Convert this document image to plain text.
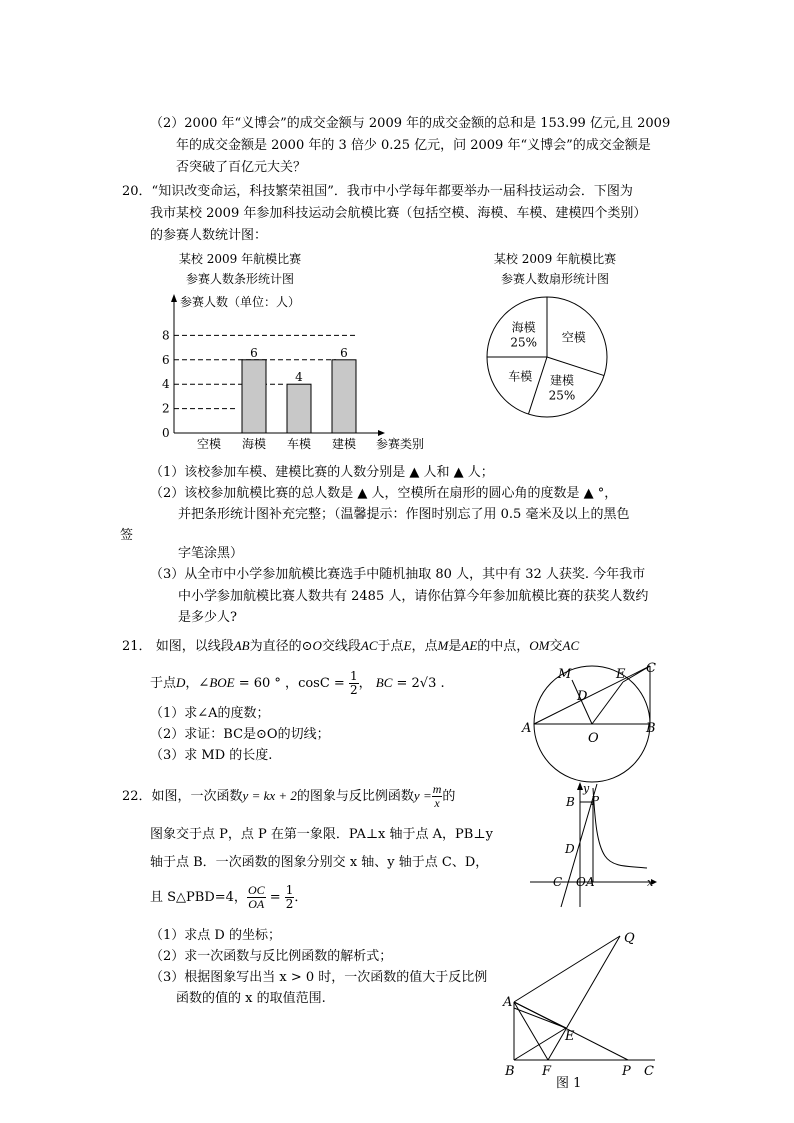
（2）2000 年“义博会”的成交金额与 2009 年的成交金额的总和是 153.99 亿元,且 2009
年的成交金额是 2000 年的 3 倍少 0.25 亿元，问 2009 年“义博会”的成交金额是
否突破了百亿元大关？
20．“知识改变命运，科技繁荣祖国”．我市中小学每年都要举办一届科技运动会．下图为
我市某校 2009 年参加科技运动会航模比赛（包括空模、海模、车模、建模四个类别）
的参赛人数统计图：
某校 2009 年航模比赛
参赛人数条形统计图
参赛人数（单位：人）
0
2
4
6
8
空模 海模
6
车模
4
建模
6
参赛类别
某校 2009 年航模比赛
参赛人数扇形统计图
空模
建模
25%
车模
海模
25%
（1）该校参加车模、建模比赛的人数分别是 ▲ 人和 ▲ 人；
（2）该校参加航模比赛的总人数是 ▲ 人，空模所在扇形的圆心角的度数是 ▲ °，
并把条形统计图补充完整；（温馨提示：作图时别忘了用 0.5 毫米及以上的黑色
签
字笔涂黑）
（3）从全市中小学参加航模比赛选手中随机抽取 80 人，其中有 32 人获奖. 今年我市
中小学参加航模比赛人数共有 2485 人，请你估算今年参加航模比赛的获奖人数约
是多少人?
21． 如图，以线段AB为直径的⊙O交线段AC于点E，点M是AE的中点，OM交AC
于点D，∠BOE = 60 ° ，$\cos C = \frac{1}{2}$ ， BC = 2√3 .
（1）求∠A的度数；
（2）求证：BC是⊙O的切线；
（3）求 MD 的长度.
M	E C
D
A
O
B
22．如图，一次函数y = kx + 2的图象与反比例函数$y = \frac{m}{x}$ 的
图象交于点 P，点 P 在第一象限．PA⊥x 轴于点 A，PB⊥y
轴于点 B．一次函数的图象分别交 x 轴、y 轴于点 C、D，
且 S△PBD=4， $\frac{OC}{OA} = \frac{1}{2}$ ．
（1）求点 D 的坐标；
（2）求一次函数与反比例函数的解析式；
（3）根据图象写出当 x > 0 时，一次函数的值大于反比例
函数的值的 x 的取值范围.
y
B P
D
C O A	x
Q
A
E
B F	P C
图 1
